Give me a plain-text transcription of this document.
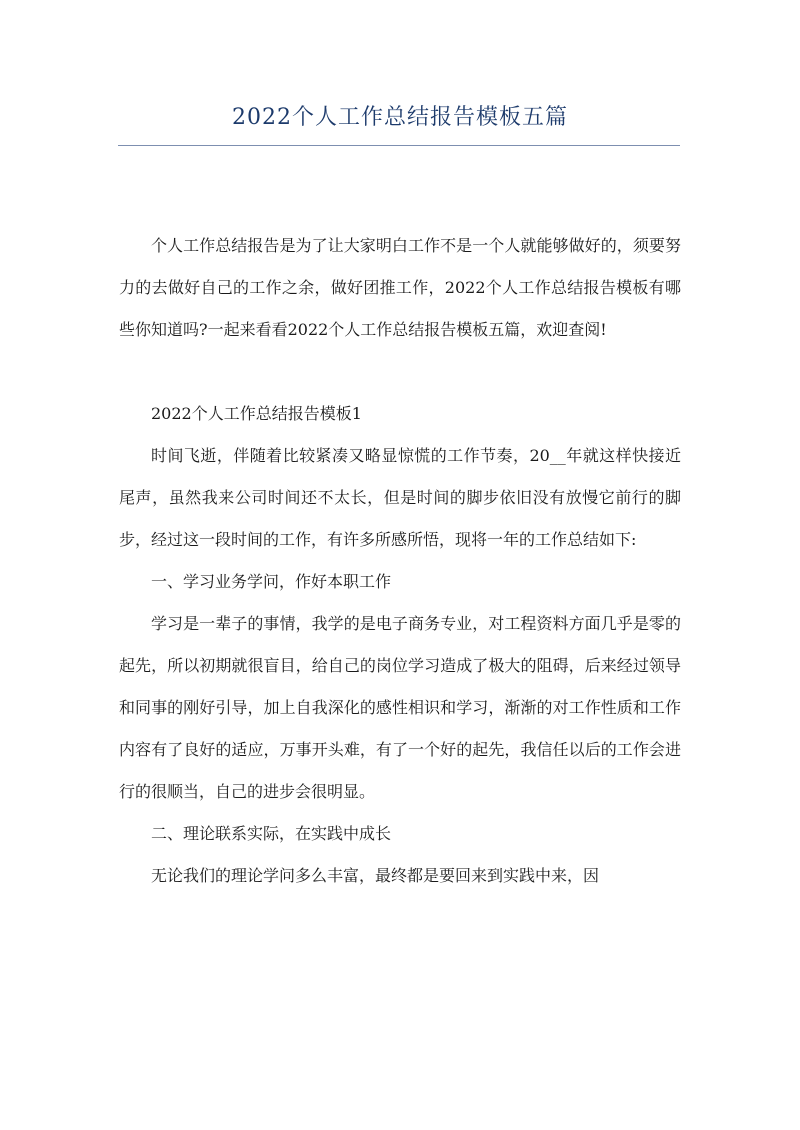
2022个人工作总结报告模板五篇

个人工作总结报告是为了让大家明白工作不是一个人就能够做好的，须要努力的去做好自己的工作之余，做好团推工作，2022个人工作总结报告模板有哪些你知道吗?一起来看看2022个人工作总结报告模板五篇，欢迎查阅!

2022个人工作总结报告模板1

时间飞逝，伴随着比较紧凑又略显惊慌的工作节奏，20__年就这样快接近尾声，虽然我来公司时间还不太长，但是时间的脚步依旧没有放慢它前行的脚步，经过这一段时间的工作，有许多所感所悟，现将一年的工作总结如下:

一、学习业务学问，作好本职工作

学习是一辈子的事情，我学的是电子商务专业，对工程资料方面几乎是零的起先，所以初期就很盲目，给自己的岗位学习造成了极大的阻碍，后来经过领导和同事的刚好引导，加上自我深化的感性相识和学习，渐渐的对工作性质和工作内容有了良好的适应，万事开头难，有了一个好的起先，我信任以后的工作会进行的很顺当，自己的进步会很明显。

二、理论联系实际，在实践中成长

无论我们的理论学问多么丰富，最终都是要回来到实践中来，因
